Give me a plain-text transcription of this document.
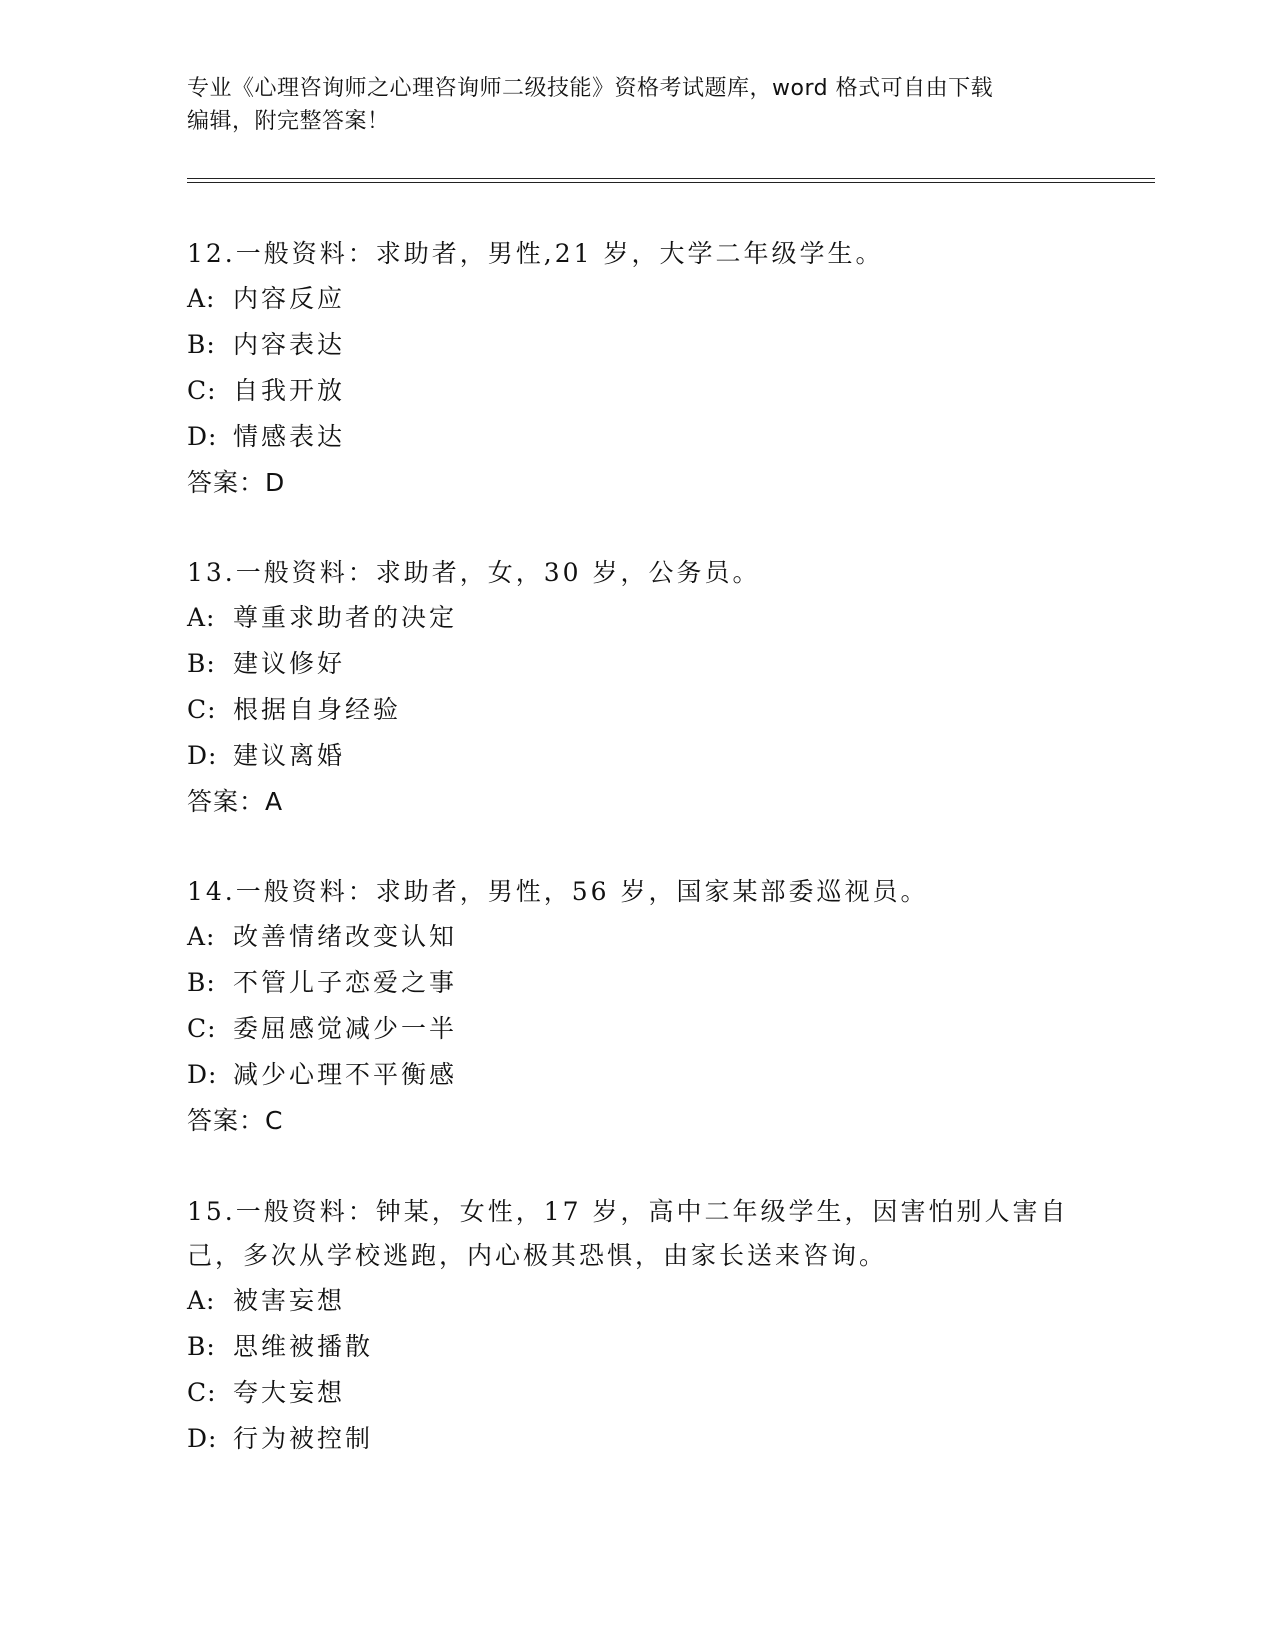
专业《心理咨询师之心理咨询师二级技能》资格考试题库，word 格式可自由下载
编辑，附完整答案！
12.一般资料：求助者，男性,21 岁，大学二年级学生。
A: 内容反应
B: 内容表达
C: 自我开放
D: 情感表达
答案：D
13.一般资料：求助者，女，30 岁，公务员。
A: 尊重求助者的决定
B: 建议修好
C: 根据自身经验
D: 建议离婚
答案：A
14.一般资料：求助者，男性，56 岁，国家某部委巡视员。
A: 改善情绪改变认知
B: 不管儿子恋爱之事
C: 委屈感觉减少一半
D: 减少心理不平衡感
答案：C
15.一般资料：钟某，女性，17 岁，高中二年级学生，因害怕别人害自己，多次从学校逃跑，内心极其恐惧，由家长送来咨询。
A: 被害妄想
B: 思维被播散
C: 夸大妄想
D: 行为被控制
